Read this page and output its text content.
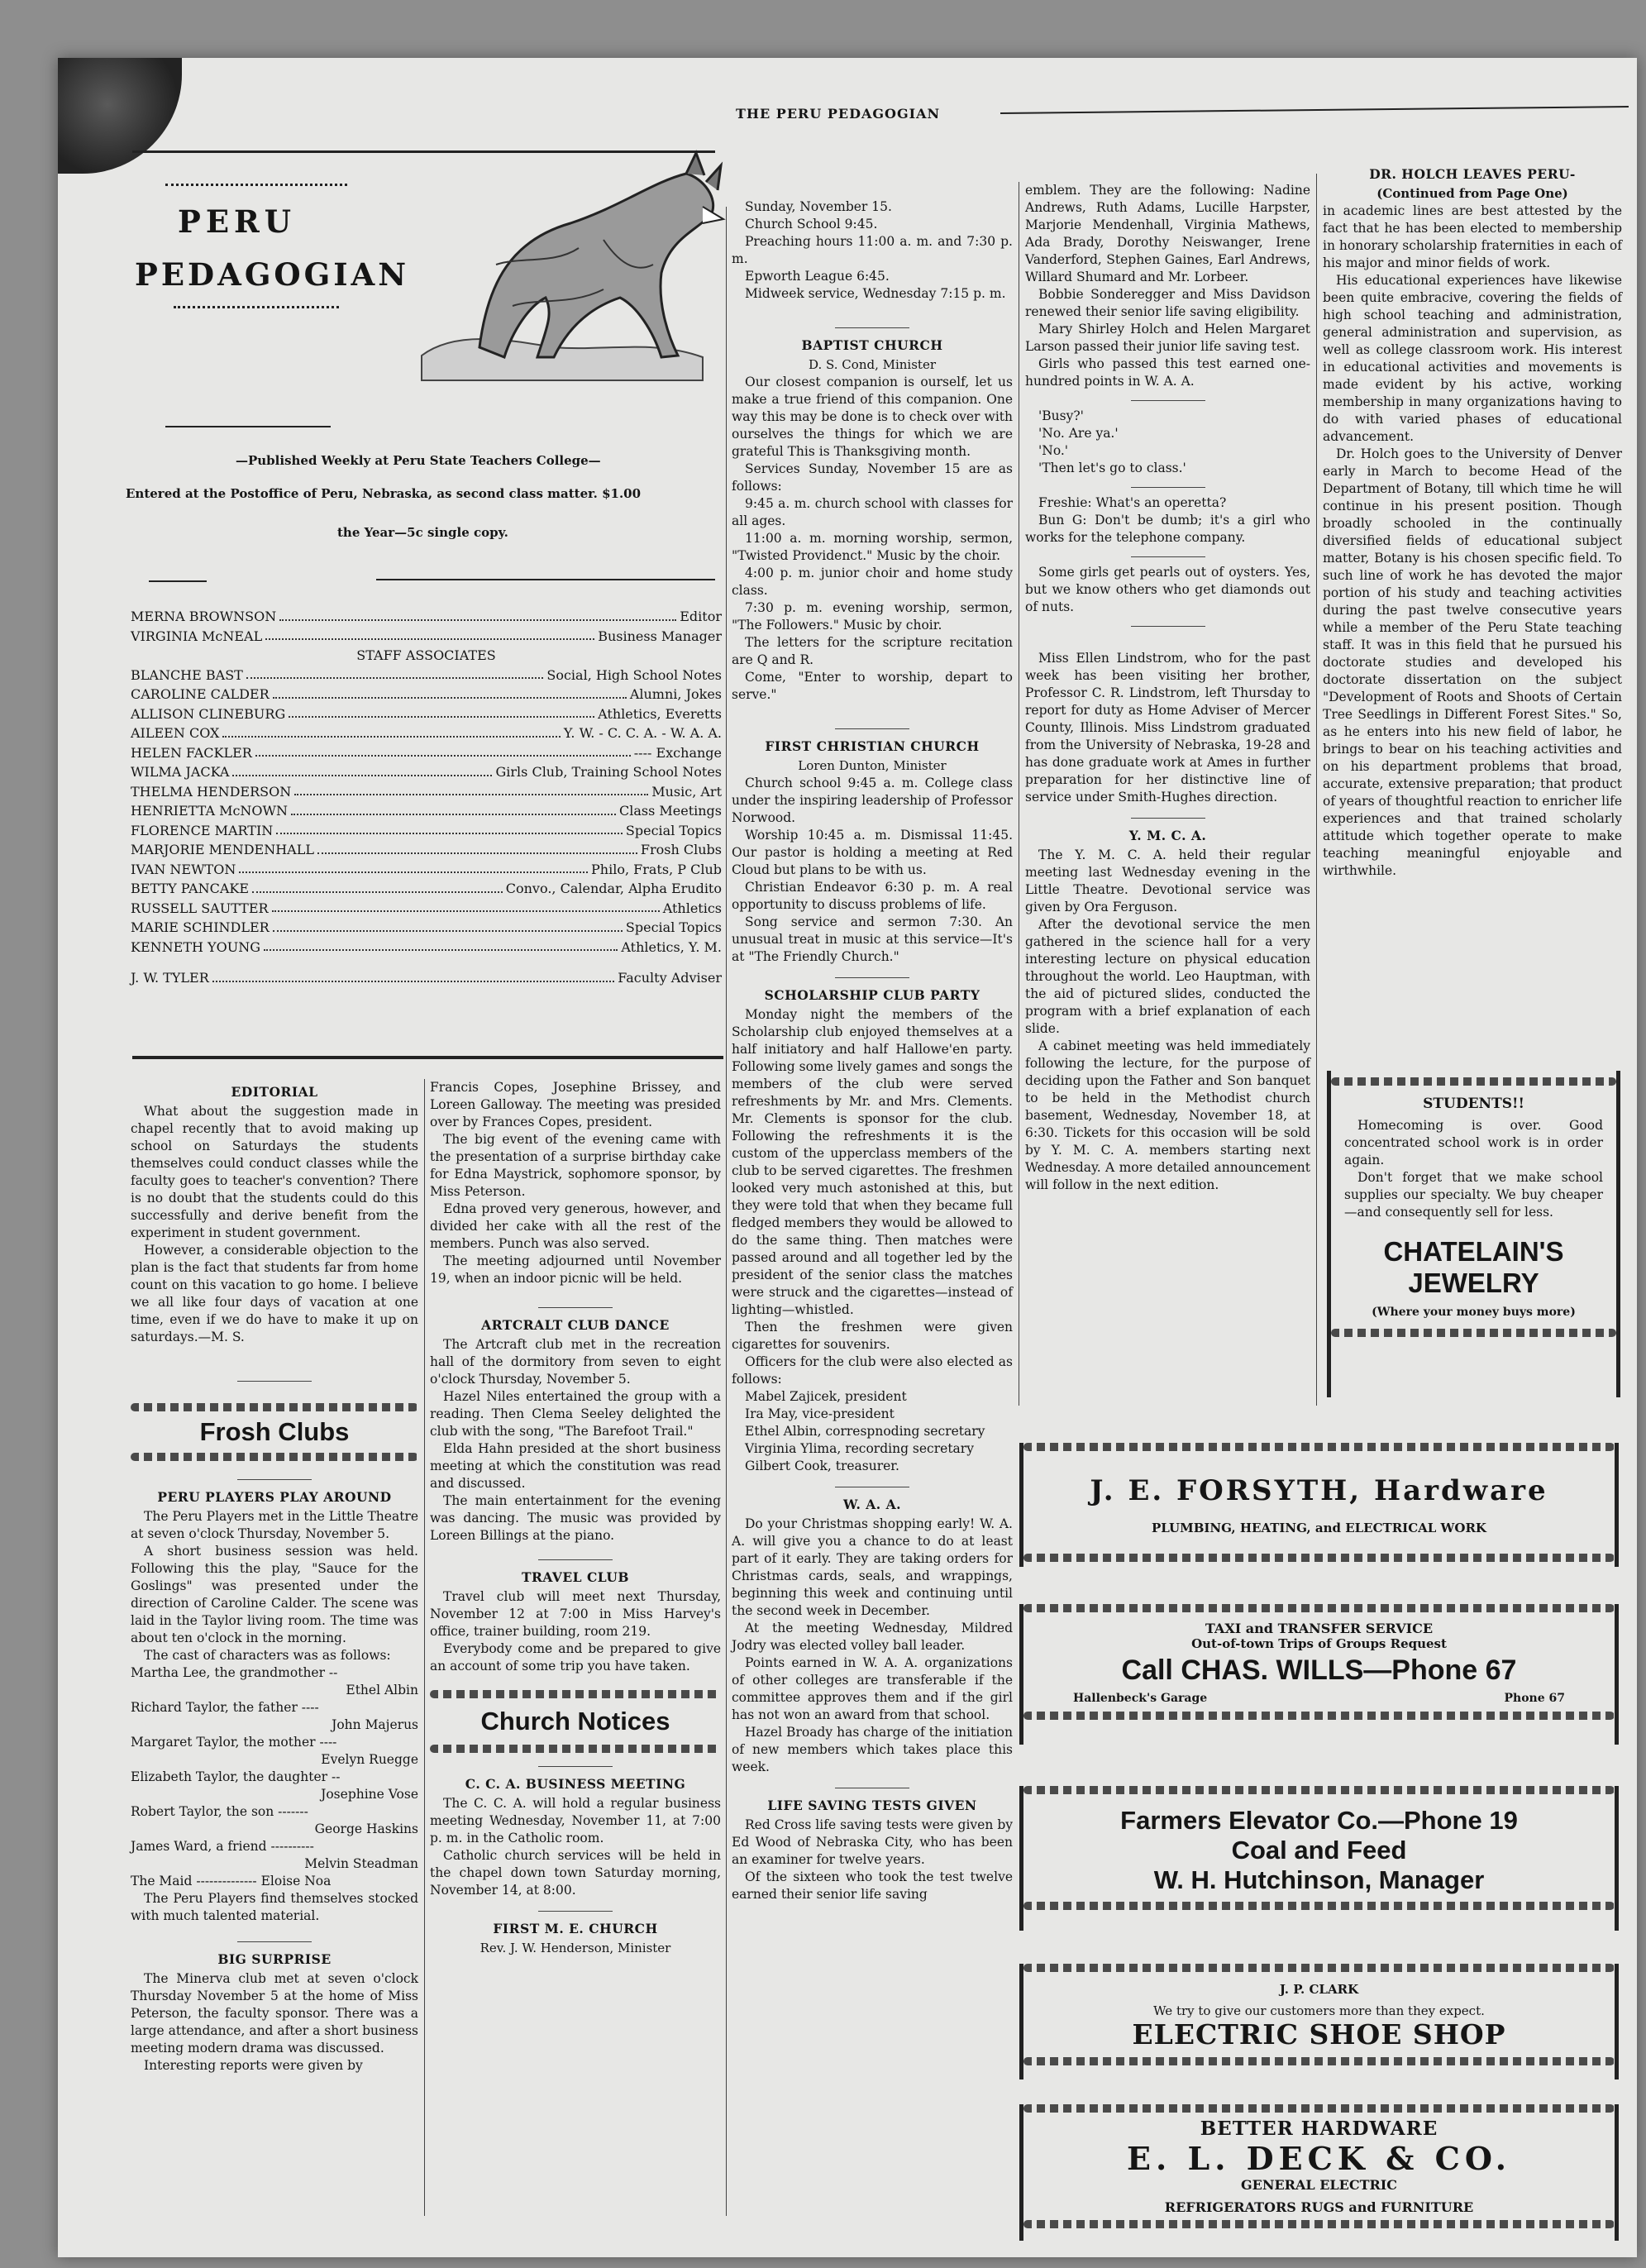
THE PERU PEDAGOGIAN
PERU
PEDAGOGIAN
—Published Weekly at Peru State Teachers College—
Entered at the Postoffice of Peru, Nebraska, as second class matter. $1.00
the Year—5c single copy.
MERNA BROWNSON	Editor
VIRGINIA McNEAL	Business Manager
STAFF ASSOCIATES
BLANCHE BAST	Social, High School Notes
CAROLINE CALDER	Alumni, Jokes
ALLISON CLINEBURG	Athletics, Everetts
AILEEN COX	Y. W. - C. C. A. - W. A. A.
HELEN FACKLER	---- Exchange
WILMA JACKA	Girls Club, Training School Notes
THELMA HENDERSON	Music, Art
HENRIETTA McNOWN	Class Meetings
FLORENCE MARTIN	Special Topics
MARJORIE MENDENHALL	Frosh Clubs
IVAN NEWTON	Philo, Frats, P Club
BETTY PANCAKE	Convo., Calendar, Alpha Erudito
RUSSELL SAUTTER	Athletics
MARIE SCHINDLER	Special Topics
KENNETH YOUNG	Athletics, Y. M.
J. W. TYLER	Faculty Adviser
EDITORIAL

What about the suggestion made in chapel recently that to avoid making up school on Saturdays the students themselves could conduct classes while the faculty goes to teacher's convention? There is no doubt that the students could do this successfully and derive benefit from the experiment in student government.

However, a considerable objection to the plan is the fact that students far from home count on this vacation to go home. I believe we all like four days of vacation at one time, even if we do have to make it up on saturdays.—M. S.

Frosh Clubs
PERU PLAYERS PLAY AROUND

The Peru Players met in the Little Theatre at seven o'clock Thursday, November 5.

A short business session was held. Following this the play, "Sauce for the Goslings" was presented under the direction of Caroline Calder. The scene was laid in the Taylor living room. The time was about ten o'clock in the morning.

The cast of characters was as follows:

Martha Lee, the grandmother --

Ethel Albin

Richard Taylor, the father ----

John Majerus

Margaret Taylor, the mother ----

Evelyn Ruegge

Elizabeth Taylor, the daughter --

Josephine Vose

Robert Taylor, the son -------

George Haskins

James Ward, a friend ----------

Melvin Steadman

The Maid -------------- Eloise Noa

The Peru Players find themselves stocked with much talented material.

BIG SURPRISE

The Minerva club met at seven o'clock Thursday November 5 at the home of Miss Peterson, the faculty sponsor. There was a large attendance, and after a short business meeting modern drama was discussed.

Interesting reports were given by

Francis Copes, Josephine Brissey, and Loreen Galloway. The meeting was presided over by Frances Copes, president.

The big event of the evening came with the presentation of a surprise birthday cake for Edna Maystrick, sophomore sponsor, by Miss Peterson.

Edna proved very generous, however, and divided her cake with all the rest of the members. Punch was also served.

The meeting adjourned until November 19, when an indoor picnic will be held.

ARTCRALT CLUB DANCE

The Artcraft club met in the recreation hall of the dormitory from seven to eight o'clock Thursday, November 5.

Hazel Niles entertained the group with a reading. Then Clema Seeley delighted the club with the song, "The Barefoot Trail."

Elda Hahn presided at the short business meeting at which the constitution was read and discussed.

The main entertainment for the evening was dancing. The music was provided by Loreen Billings at the piano.

TRAVEL CLUB

Travel club will meet next Thursday, November 12 at 7:00 in Miss Harvey's office, trainer building, room 219.

Everybody come and be prepared to give an account of some trip you have taken.

Church Notices
C. C. A. BUSINESS MEETING

The C. C. A. will hold a regular business meeting Wednesday, November 11, at 7:00 p. m. in the Catholic room.

Catholic church services will be held in the chapel down town Saturday morning, November 14, at 8:00.

FIRST M. E. CHURCH
Rev. J. W. Henderson, Minister

Sunday, November 15.

Church School 9:45.

Preaching hours 11:00 a. m. and 7:30 p. m.

Epworth League 6:45.

Midweek service, Wednesday 7:15 p. m.

BAPTIST CHURCH
D. S. Cond, Minister

Our closest companion is ourself, let us make a true friend of this companion. One way this may be done is to check over with ourselves the things for which we are grateful This is Thanksgiving month.

Services Sunday, November 15 are as follows:

9:45 a. m. church school with classes for all ages.

11:00 a. m. morning worship, sermon, "Twisted Providenct." Music by the choir.

4:00 p. m. junior choir and home study class.

7:30 p. m. evening worship, sermon, "The Followers." Music by choir.

The letters for the scripture recitation are Q and R.

Come, "Enter to worship, depart to serve."

FIRST CHRISTIAN CHURCH
Loren Dunton, Minister

Church school 9:45 a. m. College class under the inspiring leadership of Professor Norwood.

Worship 10:45 a. m. Dismissal 11:45. Our pastor is holding a meeting at Red Cloud but plans to be with us.

Christian Endeavor 6:30 p. m. A real opportunity to discuss problems of life.

Song service and sermon 7:30. An unusual treat in music at this service—It's at "The Friendly Church."

SCHOLARSHIP CLUB PARTY

Monday night the members of the Scholarship club enjoyed themselves at a half initiatory and half Hallowe'en party. Following some lively games and songs the members of the club were served refreshments by Mr. and Mrs. Clements. Mr. Clements is sponsor for the club. Following the refreshments it is the custom of the upperclass members of the club to be served cigarettes. The freshmen looked very much astonished at this, but they were told that when they became full fledged members they would be allowed to do the same thing. Then matches were passed around and all together led by the president of the senior class the matches were struck and the cigarettes—instead of lighting—whistled.

Then the freshmen were given cigarettes for souvenirs.

Officers for the club were also elected as follows:

Mabel Zajicek, president

Ira May, vice-president

Ethel Albin, correspnoding secretary

Virginia Ylima, recording secretary

Gilbert Cook, treasurer.

W. A. A.

Do your Christmas shopping early! W. A. A. will give you a chance to do at least part of it early. They are taking orders for Christmas cards, seals, and wrappings, beginning this week and continuing until the second week in December.

At the meeting Wednesday, Mildred Jodry was elected volley ball leader.

Points earned in W. A. A. organizations of other colleges are transferable if the committee approves them and if the girl has not won an award from that school.

Hazel Broady has charge of the initiation of new members which takes place this week.

LIFE SAVING TESTS GIVEN

Red Cross life saving tests were given by Ed Wood of Nebraska City, who has been an examiner for twelve years.

Of the sixteen who took the test twelve earned their senior life saving

emblem. They are the following: Nadine Andrews, Ruth Adams, Lucille Harpster, Marjorie Mendenhall, Virginia Mathews, Ada Brady, Dorothy Neiswanger, Irene Vanderford, Stephen Gaines, Earl Andrews, Willard Shumard and Mr. Lorbeer.

Bobbie Sonderegger and Miss Davidson renewed their senior life saving eligibility.

Mary Shirley Holch and Helen Margaret Larson passed their junior life saving test.

Girls who passed this test earned one-hundred points in W. A. A.

'Busy?'

'No. Are ya.'

'No.'

'Then let's go to class.'

Freshie: What's an operetta?

Bun G: Don't be dumb; it's a girl who works for the telephone company.

Some girls get pearls out of oysters. Yes, but we know others who get diamonds out of nuts.

Miss Ellen Lindstrom, who for the past week has been visiting her brother, Professor C. R. Lindstrom, left Thursday to report for duty as Home Adviser of Mercer County, Illinois. Miss Lindstrom graduated from the University of Nebraska, 19-28 and has done graduate work at Ames in further preparation for her distinctive line of service under Smith-Hughes direction.

Y. M. C. A.

The Y. M. C. A. held their regular meeting last Wednesday evening in the Little Theatre. Devotional service was given by Ora Ferguson.

After the devotional service the men gathered in the science hall for a very interesting lecture on physical education throughout the world. Leo Hauptman, with the aid of pictured slides, conducted the program with a brief explanation of each slide.

A cabinet meeting was held immediately following the lecture, for the purpose of deciding upon the Father and Son banquet to be held in the Methodist church basement, Wednesday, November 18, at 6:30. Tickets for this occasion will be sold by Y. M. C. A. members starting next Wednesday. A more detailed announcement will follow in the next edition.

DR. HOLCH LEAVES PERU-
(Continued from Page One)

in academic lines are best attested by the fact that he has been elected to membership in honorary scholarship fraternities in each of his major and minor fields of work.

His educational experiences have likewise been quite embracive, covering the fields of high school teaching and administration, general administration and supervision, as well as college classroom work. His interest in educational activities and movements is made evident by his active, working membership in many organizations having to do with varied phases of educational advancement.

Dr. Holch goes to the University of Denver early in March to become Head of the Department of Botany, till which time he will continue in his present position. Though broadly schooled in the continually diversified fields of educational subject matter, Botany is his chosen specific field. To such line of work he has devoted the major portion of his study and teaching activities during the past twelve consecutive years while a member of the Peru State teaching staff. It was in this field that he pursued his doctorate studies and developed his doctorate dissertation on the subject "Development of Roots and Shoots of Certain Tree Seedlings in Different Forest Sites." So, as he enters into his new field of labor, he brings to bear on his teaching activities and on his department problems that broad, accurate, extensive preparation; that product of years of thoughtful reaction to enricher life experiences and that trained scholarly attitude which together operate to make teaching meaningful enjoyable and wirthwhile.

STUDENTS!!

Homecoming is over. Good concentrated school work is in order again.

Don't forget that we make school supplies our specialty. We buy cheaper—and consequently sell for less.

CHATELAIN'S
JEWELRY
(Where your money buys more)
J. E. FORSYTH, Hardware
PLUMBING, HEATING, and ELECTRICAL WORK
TAXI and TRANSFER SERVICE
Out-of-town Trips of Groups Request
Call CHAS. WILLS—Phone 67
Hallenbeck's Garage	Phone 67
Farmers Elevator Co.—Phone 19
Coal and Feed
W. H. Hutchinson, Manager
J. P. CLARK
We try to give our customers more than they expect.
ELECTRIC SHOE SHOP
BETTER HARDWARE
E. L. DECK & CO.
GENERAL ELECTRIC
REFRIGERATORS RUGS and FURNITURE
